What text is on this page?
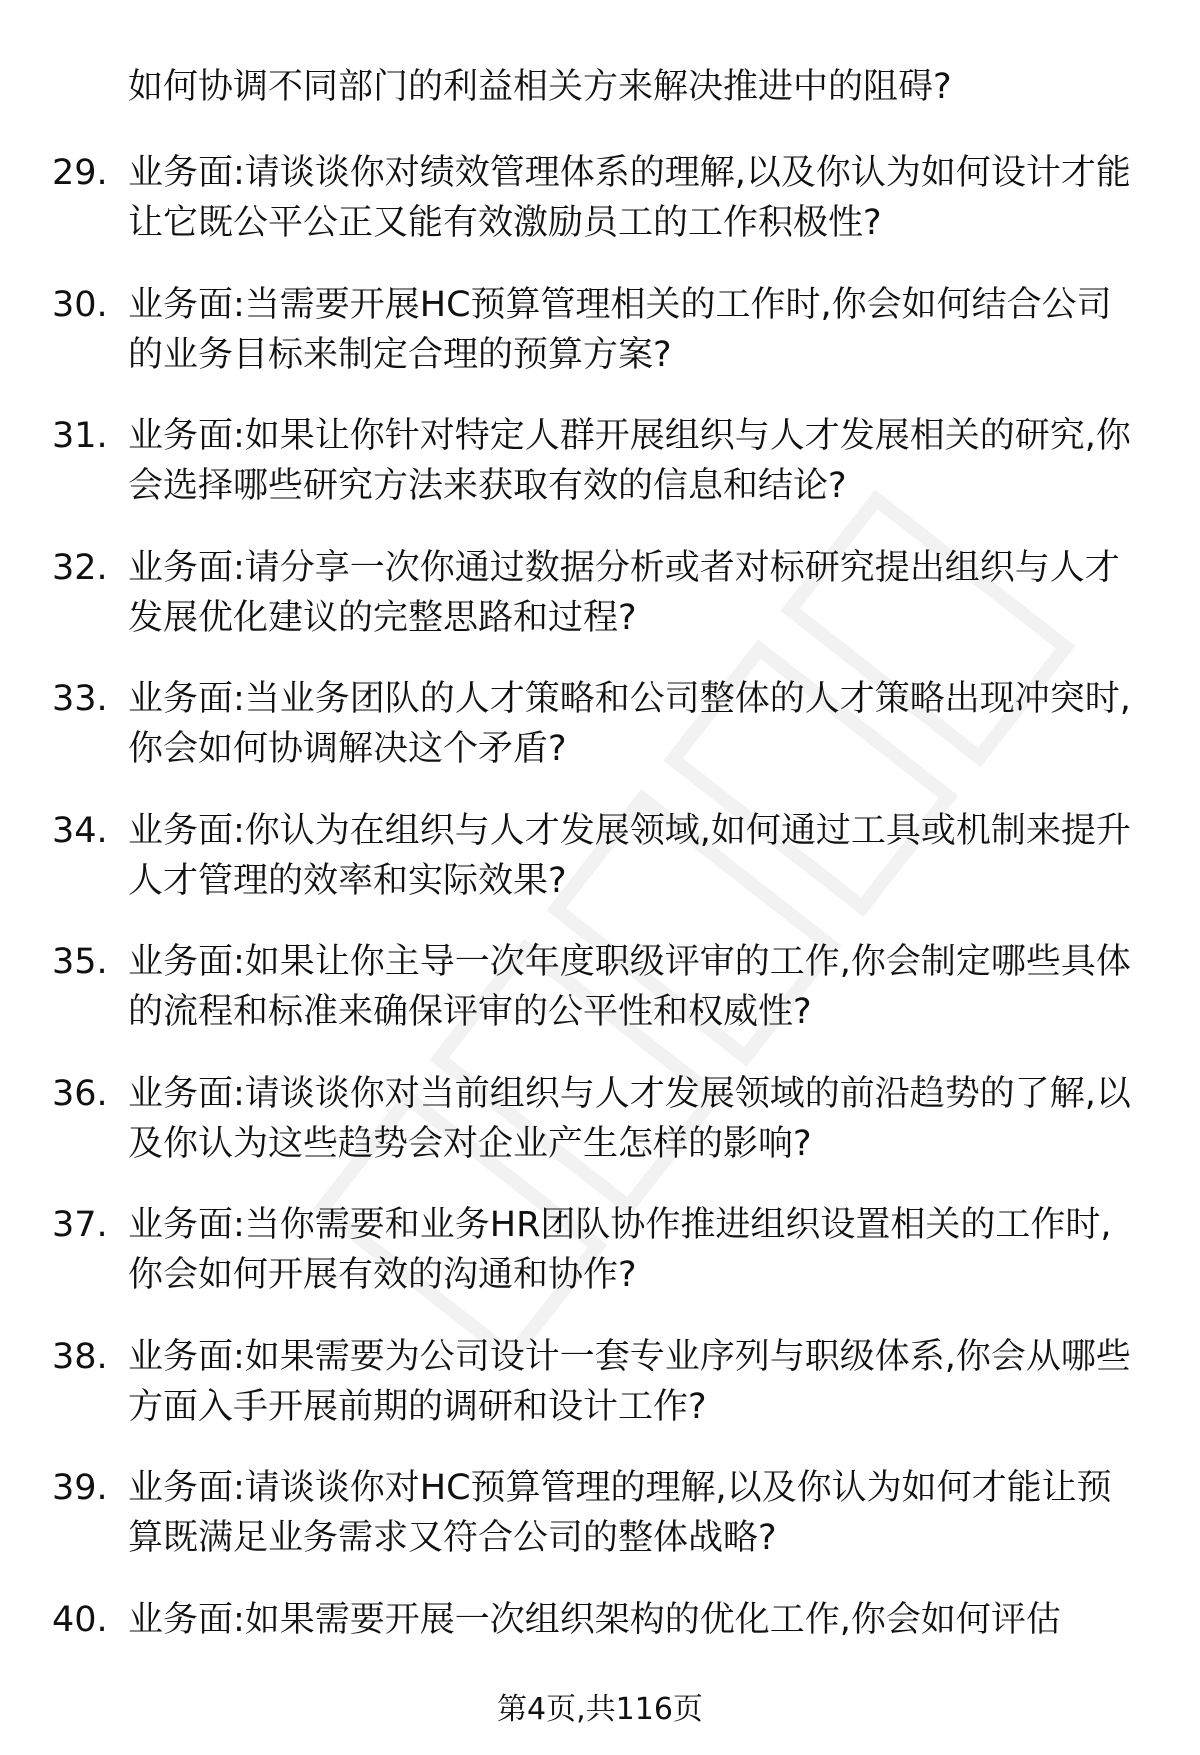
如何协调不同部门的利益相关方来解决推进中的阻碍?

29. 业务面:请谈谈你对绩效管理体系的理解,以及你认为如何设计才能让它既公平公正又能有效激励员工的工作积极性?

30. 业务面:当需要开展HC预算管理相关的工作时,你会如何结合公司的业务目标来制定合理的预算方案?

31. 业务面:如果让你针对特定人群开展组织与人才发展相关的研究,你会选择哪些研究方法来获取有效的信息和结论?

32. 业务面:请分享一次你通过数据分析或者对标研究提出组织与人才发展优化建议的完整思路和过程?

33. 业务面:当业务团队的人才策略和公司整体的人才策略出现冲突时,你会如何协调解决这个矛盾?

34. 业务面:你认为在组织与人才发展领域,如何通过工具或机制来提升人才管理的效率和实际效果?

35. 业务面:如果让你主导一次年度职级评审的工作,你会制定哪些具体的流程和标准来确保评审的公平性和权威性?

36. 业务面:请谈谈你对当前组织与人才发展领域的前沿趋势的了解,以及你认为这些趋势会对企业产生怎样的影响?

37. 业务面:当你需要和业务HR团队协作推进组织设置相关的工作时,你会如何开展有效的沟通和协作?

38. 业务面:如果需要为公司设计一套专业序列与职级体系,你会从哪些方面入手开展前期的调研和设计工作?

39. 业务面:请谈谈你对HC预算管理的理解,以及你认为如何才能让预算既满足业务需求又符合公司的整体战略?

40. 业务面:如果需要开展一次组织架构的优化工作,你会如何评估

第4页,共116页
